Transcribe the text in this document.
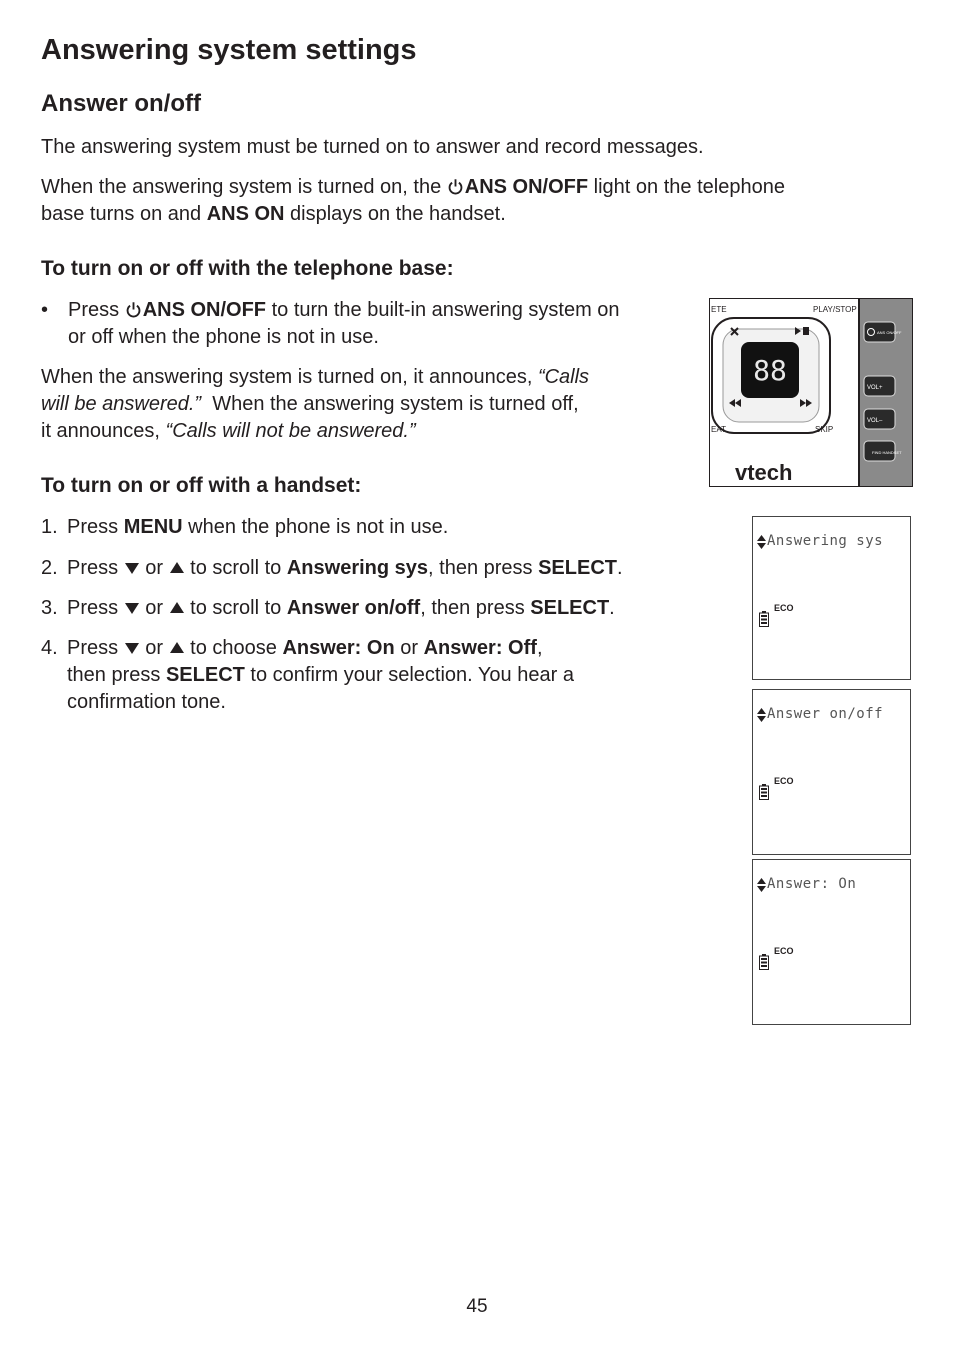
Answering system settings
Answer on/off
The answering system must be turned on to answer and record messages.
When the answering system is turned on, the ANS ON/OFF light on the telephone
base turns on and ANS ON displays on the handset.
To turn on or off with the telephone base:
• Press ANS ON/OFF to turn the built-in answering system on
or off when the phone is not in use.
When the answering system is turned on, it announces, “Calls
will be answered.”  When the answering system is turned off,
it announces, “Calls will not be answered.”
To turn on or off with a handset:
1. Press MENU when the phone is not in use.
2. Press  or  to scroll to Answering sys, then press SELECT.
3. Press  or  to scroll to Answer on/off, then press SELECT.
4. Press  or  to choose Answer: On or Answer: Off,
then press SELECT to confirm your selection. You hear a
confirmation tone.
88
ETE	PLAY/STOP
EAT	SKIP
vtech
ANS ON/OFF
VOL+
VOL–
FIND HANDSET
Answering sys
ECO
Answer on/off
ECO
Answer: On
ECO
45
